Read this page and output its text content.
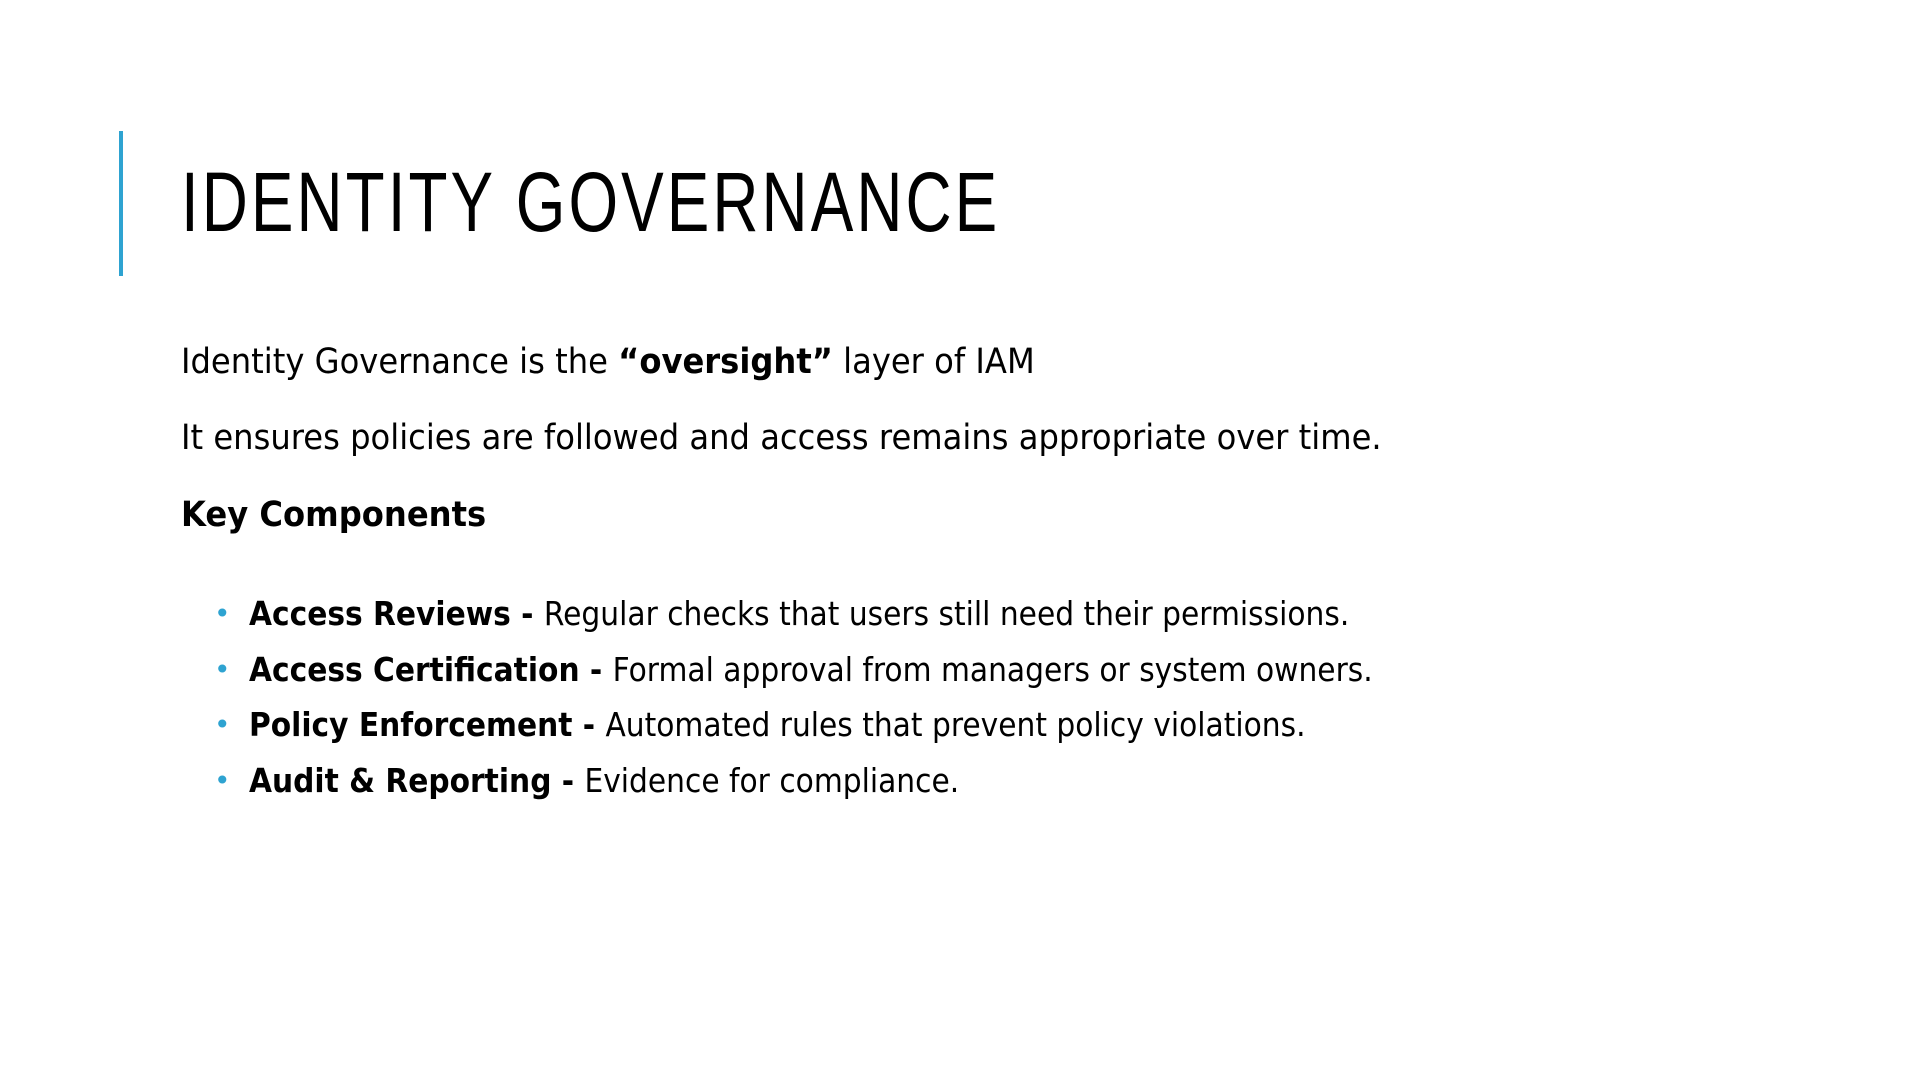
IDENTITY GOVERNANCE

Identity Governance is the “oversight” layer of IAM

It ensures policies are followed and access remains appropriate over time.

Key Components

• Access Reviews - Regular checks that users still need their permissions.
• Access Certification - Formal approval from managers or system owners.
• Policy Enforcement - Automated rules that prevent policy violations.
• Audit & Reporting - Evidence for compliance.
